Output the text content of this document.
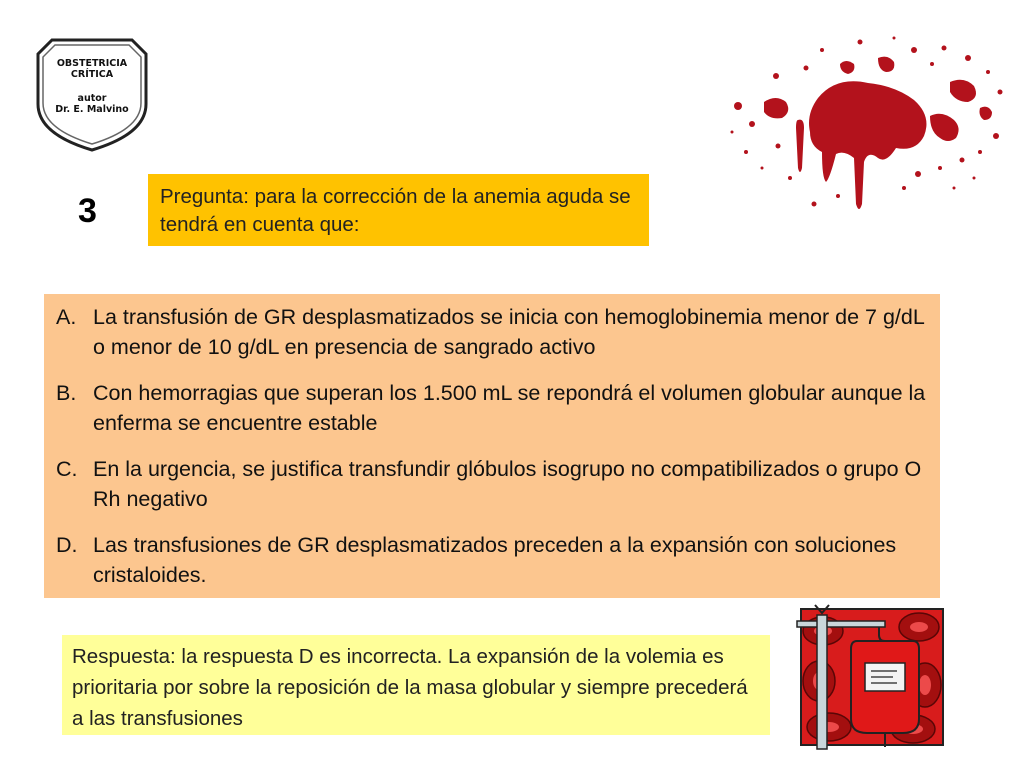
OBSTETRICIA
CRÍTICA
autor
Dr. E. Malvino
3	Pregunta: para la corrección de la anemia aguda se tendrá en cuenta que:
A. La transfusión de GR desplasmatizados se inicia con hemoglobinemia menor de 7 g/dL o menor de 10 g/dL en presencia de sangrado activo
B. Con hemorragias que superan los 1.500 mL se repondrá el volumen globular aunque la enferma se encuentre estable
C. En la urgencia, se justifica transfundir glóbulos isogrupo no compatibilizados o grupo O Rh negativo
D. Las transfusiones de GR desplasmatizados preceden a la expansión con soluciones cristaloides.
Respuesta: la respuesta D es incorrecta. La expansión de la volemia es prioritaria por sobre la reposición de la masa globular y siempre precederá a las transfusiones
